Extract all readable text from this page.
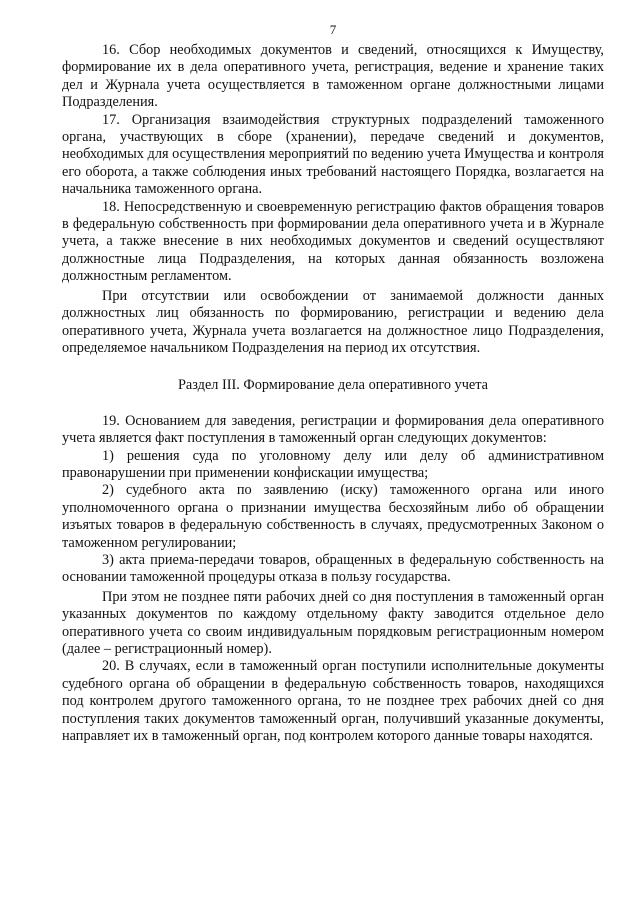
7

16. Сбор необходимых документов и сведений, относящихся к Имуществу, формирование их в дела оперативного учета, регистрация, ведение и хранение таких дел и Журнала учета осуществляется в таможенном органе должностными лицами Подразделения.

17. Организация взаимодействия структурных подразделений таможенного органа, участвующих в сборе (хранении), передаче сведений и документов, необходимых для осуществления мероприятий по ведению учета Имущества и контроля его оборота, а также соблюдения иных требований настоящего Порядка, возлагается на начальника таможенного органа.

18. Непосредственную и своевременную регистрацию фактов обращения товаров в федеральную собственность при формировании дела оперативного учета и в Журнале учета, а также внесение в них необходимых документов и сведений осуществляют должностные лица Подразделения, на которых данная обязанность возложена должностным регламентом.

При отсутствии или освобождении от занимаемой должности данных должностных лиц обязанность по формированию, регистрации и ведению дела оперативного учета, Журнала учета возлагается на должностное лицо Подразделения, определяемое начальником Подразделения на период их отсутствия.

Раздел III. Формирование дела оперативного учета

19. Основанием для заведения, регистрации и формирования дела оперативного учета является факт поступления в таможенный орган следующих документов:

1) решения суда по уголовному делу или делу об административном правонарушении при применении конфискации имущества;

2) судебного акта по заявлению (иску) таможенного органа или иного уполномоченного органа о признании имущества бесхозяйным либо об обращении изъятых товаров в федеральную собственность в случаях, предусмотренных Законом о таможенном регулировании;

3) акта приема-передачи товаров, обращенных в федеральную собственность на основании таможенной процедуры отказа в пользу государства.

При этом не позднее пяти рабочих дней со дня поступления в таможенный орган указанных документов по каждому отдельному факту заводится отдельное дело оперативного учета со своим индивидуальным порядковым регистрационным номером (далее – регистрационный номер).

20. В случаях, если в таможенный орган поступили исполнительные документы судебного органа об обращении в федеральную собственность товаров, находящихся под контролем другого таможенного органа, то не позднее трех рабочих дней со дня поступления таких документов таможенный орган, получивший указанные документы, направляет их в таможенный орган, под контролем которого данные товары находятся.
